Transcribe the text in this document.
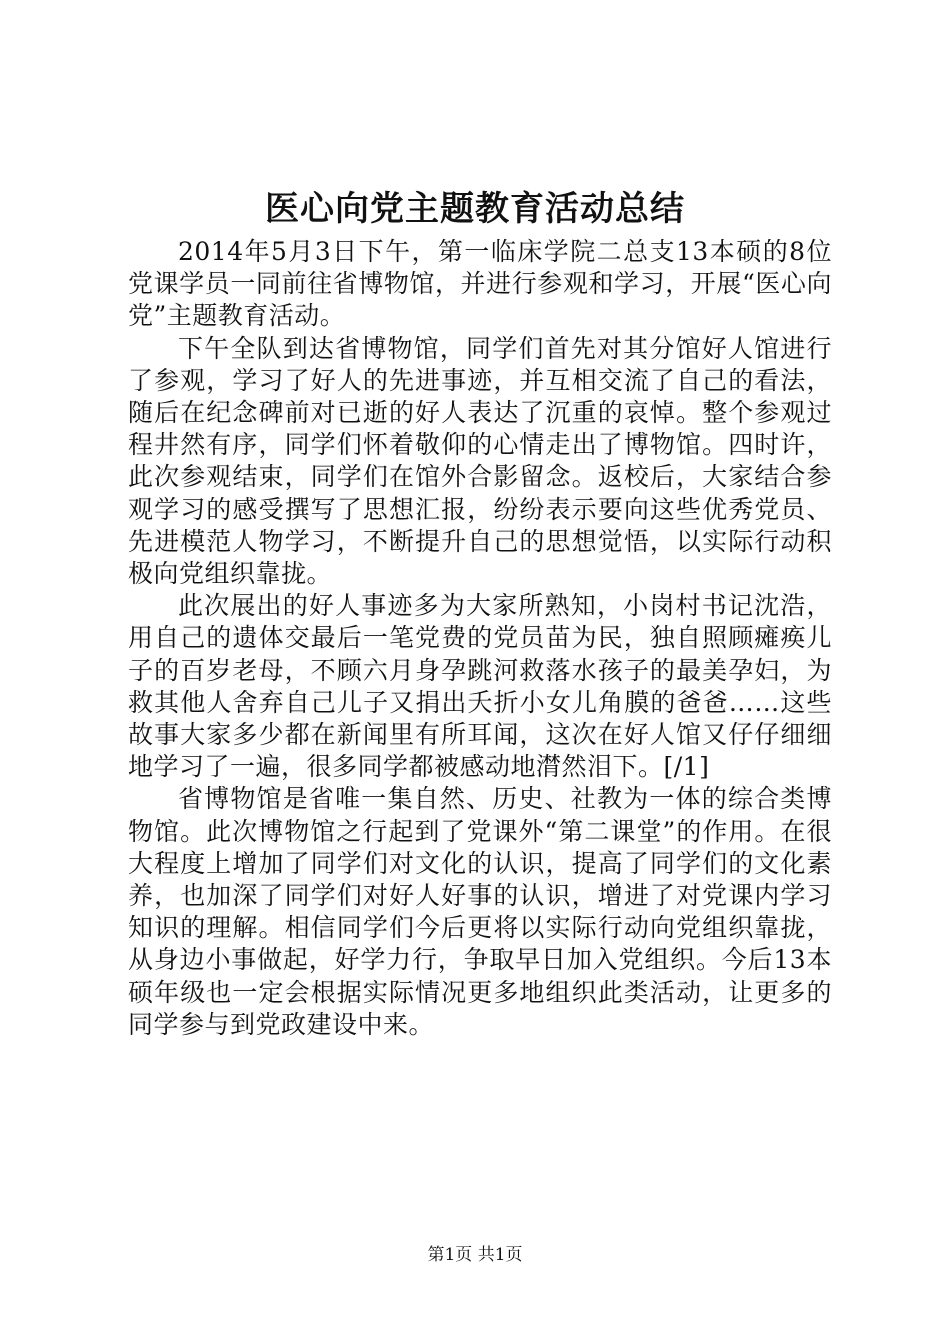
医心向党主题教育活动总结

2014年5月3日下午，第一临床学院二总支13本硕的8位党课学员一同前往省博物馆，并进行参观和学习，开展“医心向党”主题教育活动。

下午全队到达省博物馆，同学们首先对其分馆好人馆进行了参观，学习了好人的先进事迹，并互相交流了自己的看法，随后在纪念碑前对已逝的好人表达了沉重的哀悼。整个参观过程井然有序，同学们怀着敬仰的心情走出了博物馆。四时许，此次参观结束，同学们在馆外合影留念。返校后，大家结合参观学习的感受撰写了思想汇报，纷纷表示要向这些优秀党员、先进模范人物学习，不断提升自己的思想觉悟，以实际行动积极向党组织靠拢。

此次展出的好人事迹多为大家所熟知，小岗村书记沈浩，用自己的遗体交最后一笔党费的党员苗为民，独自照顾瘫痪儿子的百岁老母，不顾六月身孕跳河救落水孩子的最美孕妇，为救其他人舍弃自己儿子又捐出夭折小女儿角膜的爸爸……这些故事大家多少都在新闻里有所耳闻，这次在好人馆又仔仔细细地学习了一遍，很多同学都被感动地潸然泪下。[/1]

省博物馆是省唯一集自然、历史、社教为一体的综合类博物馆。此次博物馆之行起到了党课外“第二课堂”的作用。在很大程度上增加了同学们对文化的认识，提高了同学们的文化素养，也加深了同学们对好人好事的认识，增进了对党课内学习知识的理解。相信同学们今后更将以实际行动向党组织靠拢，从身边小事做起，好学力行，争取早日加入党组织。今后13本硕年级也一定会根据实际情况更多地组织此类活动，让更多的同学参与到党政建设中来。

第1页 共1页
